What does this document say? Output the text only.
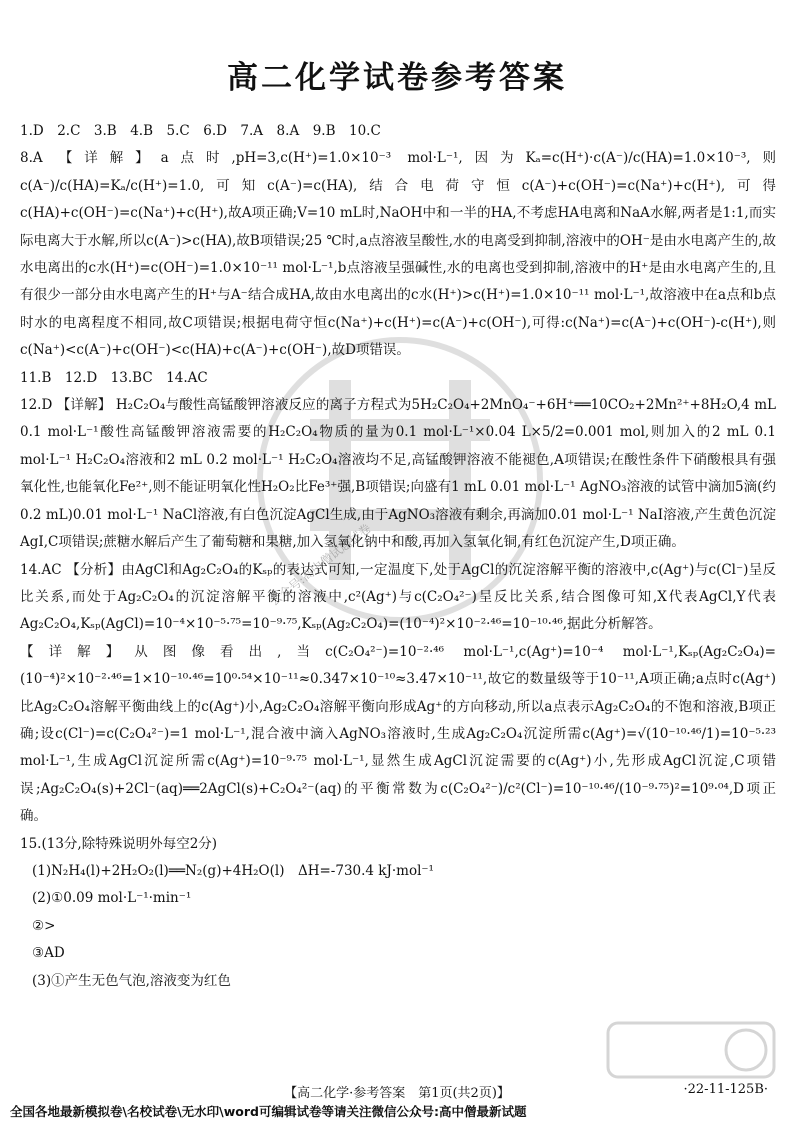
公众号:高中僧试题试卷
高二化学试卷参考答案

1.D　2.C　3.B　4.B　5.C　6.D　7.A　8.A　9.B　10.C

8.A 【详解】a点时,pH=3,c(H⁺)=1.0×10⁻³ mol·L⁻¹,因为Kₐ=c(H⁺)·c(A⁻)/c(HA)=1.0×10⁻³,则c(A⁻)/c(HA)=Kₐ/c(H⁺)=1.0,可知c(A⁻)=c(HA),结合电荷守恒c(A⁻)+c(OH⁻)=c(Na⁺)+c(H⁺),可得c(HA)+c(OH⁻)=c(Na⁺)+c(H⁺),故A项正确;V=10 mL时,NaOH中和一半的HA,不考虑HA电离和NaA水解,两者是1:1,而实际电离大于水解,所以c(A⁻)>c(HA),故B项错误;25 ℃时,a点溶液呈酸性,水的电离受到抑制,溶液中的OH⁻是由水电离产生的,故水电离出的c水(H⁺)=c(OH⁻)=1.0×10⁻¹¹ mol·L⁻¹,b点溶液呈强碱性,水的电离也受到抑制,溶液中的H⁺是由水电离产生的,且有很少一部分由水电离产生的H⁺与A⁻结合成HA,故由水电离出的c水(H⁺)>c(H⁺)=1.0×10⁻¹¹ mol·L⁻¹,故溶液中在a点和b点时水的电离程度不相同,故C项错误;根据电荷守恒c(Na⁺)+c(H⁺)=c(A⁻)+c(OH⁻),可得:c(Na⁺)=c(A⁻)+c(OH⁻)-c(H⁺),则c(Na⁺)<c(A⁻)+c(OH⁻)<c(HA)+c(A⁻)+c(OH⁻),故D项错误。

11.B　12.D　13.BC　14.AC

12.D 【详解】 H₂C₂O₄与酸性高锰酸钾溶液反应的离子方程式为5H₂C₂O₄+2MnO₄⁻+6H⁺══10CO₂+2Mn²⁺+8H₂O,4 mL 0.1 mol·L⁻¹酸性高锰酸钾溶液需要的H₂C₂O₄物质的量为0.1 mol·L⁻¹×0.04 L×5/2=0.001 mol,则加入的2 mL 0.1 mol·L⁻¹ H₂C₂O₄溶液和2 mL 0.2 mol·L⁻¹ H₂C₂O₄溶液均不足,高锰酸钾溶液不能褪色,A项错误;在酸性条件下硝酸根具有强氧化性,也能氧化Fe²⁺,则不能证明氧化性H₂O₂比Fe³⁺强,B项错误;向盛有1 mL 0.01 mol·L⁻¹ AgNO₃溶液的试管中滴加5滴(约0.2 mL)0.01 mol·L⁻¹ NaCl溶液,有白色沉淀AgCl生成,由于AgNO₃溶液有剩余,再滴加0.01 mol·L⁻¹ NaI溶液,产生黄色沉淀AgI,C项错误;蔗糖水解后产生了葡萄糖和果糖,加入氢氧化钠中和酸,再加入氢氧化铜,有红色沉淀产生,D项正确。

14.AC 【分析】由AgCl和Ag₂C₂O₄的Kₛₚ的表达式可知,一定温度下,处于AgCl的沉淀溶解平衡的溶液中,c(Ag⁺)与c(Cl⁻)呈反比关系,而处于Ag₂C₂O₄的沉淀溶解平衡的溶液中,c²(Ag⁺)与c(C₂O₄²⁻)呈反比关系,结合图像可知,X代表AgCl,Y代表Ag₂C₂O₄,Kₛₚ(AgCl)=10⁻⁴×10⁻⁵·⁷⁵=10⁻⁹·⁷⁵,Kₛₚ(Ag₂C₂O₄)=(10⁻⁴)²×10⁻²·⁴⁶=10⁻¹⁰·⁴⁶,据此分析解答。

【详解】从图像看出,当c(C₂O₄²⁻)=10⁻²·⁴⁶ mol·L⁻¹,c(Ag⁺)=10⁻⁴ mol·L⁻¹,Kₛₚ(Ag₂C₂O₄)=(10⁻⁴)²×10⁻²·⁴⁶=1×10⁻¹⁰·⁴⁶=10⁰·⁵⁴×10⁻¹¹≈0.347×10⁻¹⁰≈3.47×10⁻¹¹,故它的数量级等于10⁻¹¹,A项正确;a点时c(Ag⁺)比Ag₂C₂O₄溶解平衡曲线上的c(Ag⁺)小,Ag₂C₂O₄溶解平衡向形成Ag⁺的方向移动,所以a点表示Ag₂C₂O₄的不饱和溶液,B项正确;设c(Cl⁻)=c(C₂O₄²⁻)=1 mol·L⁻¹,混合液中滴入AgNO₃溶液时,生成Ag₂C₂O₄沉淀所需c(Ag⁺)=√(10⁻¹⁰·⁴⁶/1)=10⁻⁵·²³ mol·L⁻¹,生成AgCl沉淀所需c(Ag⁺)=10⁻⁹·⁷⁵ mol·L⁻¹,显然生成AgCl沉淀需要的c(Ag⁺)小,先形成AgCl沉淀,C项错误;Ag₂C₂O₄(s)+2Cl⁻(aq)══2AgCl(s)+C₂O₄²⁻(aq)的平衡常数为c(C₂O₄²⁻)/c²(Cl⁻)=10⁻¹⁰·⁴⁶/(10⁻⁹·⁷⁵)²=10⁹·⁰⁴,D项正确。

15.(13分,除特殊说明外每空2分)

(1)N₂H₄(l)+2H₂O₂(l)══N₂(g)+4H₂O(l)　ΔH=-730.4 kJ·mol⁻¹

(2)①0.09 mol·L⁻¹·min⁻¹

②>

③AD

(3)①产生无色气泡,溶液变为红色

【高二化学·参考答案　第1页(共2页)】	·22-11-125B·
全国各地最新模拟卷\名校试卷\无水印\word可编辑试卷等请关注微信公众号:高中僧最新试题
